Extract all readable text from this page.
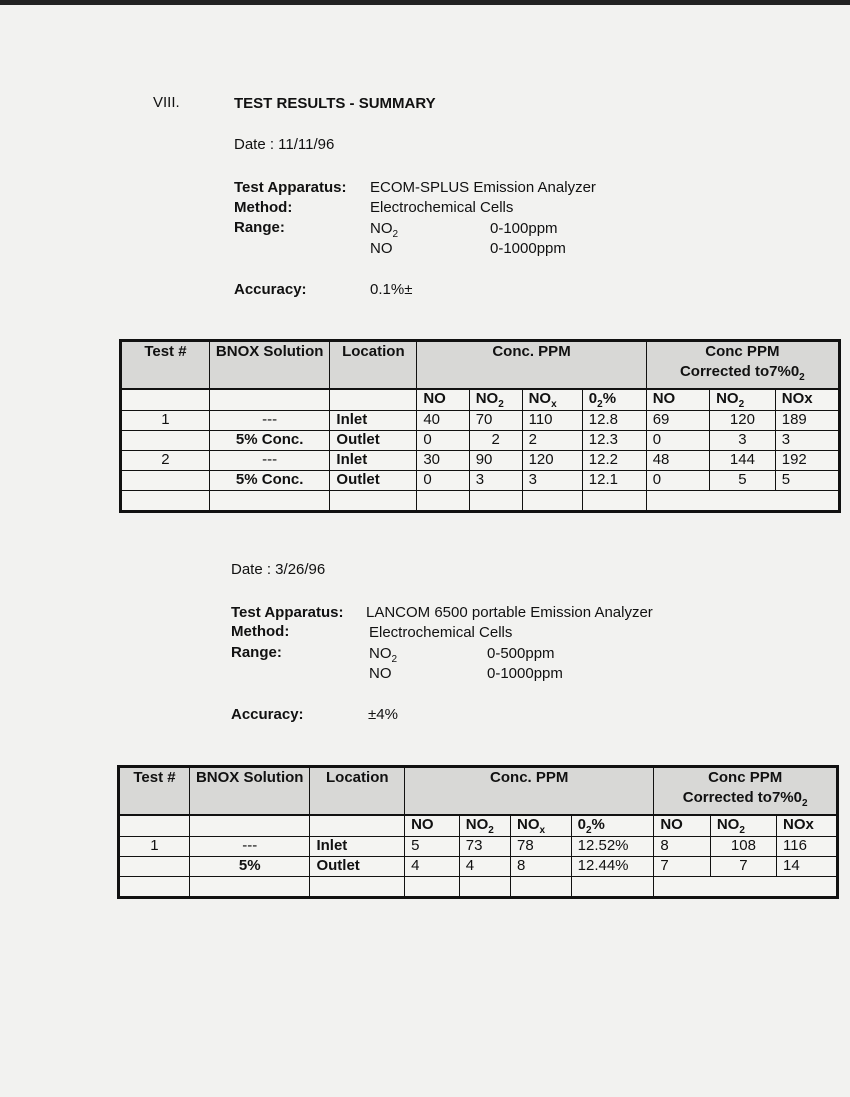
VIII.	TEST RESULTS - SUMMARY
Date : 11/11/96
Test Apparatus: ECOM-SPLUS Emission Analyzer
Method:	Electrochemical Cells
Range:	$NO_2$	0-100ppm
NO	0-1000ppm
Accuracy:	0.1%±
Test #	BNOX Solution	Location	Conc. PPM				Conc PPM
Corrected $to7\%0_2$
			NO	$NO_2$	$NO_x$	$0_2\%$	NO	$NO_2$	NOx
1	---	Inlet	40	70	110	12.8	69	120	189
	5% Conc.	Outlet	0	2	2	12.3	0	3	3
2	---	Inlet	30	90	120	12.2	48	144	192
	5% Conc.	Outlet	0	3	3	12.1	0	5	5

Date : 3/26/96
Test Apparatus: LANCOM 6500 portable Emission Analyzer
Method:	Electrochemical Cells
Range:	$NO_2$	0-500ppm
NO	0-1000ppm
Accuracy:	±4%
Test #	BNOX Solution	Location	Conc. PPM				Conc PPM
Corrected $to7\%0_2$
			NO	$NO_2$	$NO_x$	$0_2\%$	NO	$NO_2$	NOx
1	---	Inlet	5	73	78	12.52%	8	108	116
	5%	Outlet	4	4	8	12.44%	7	7	14
